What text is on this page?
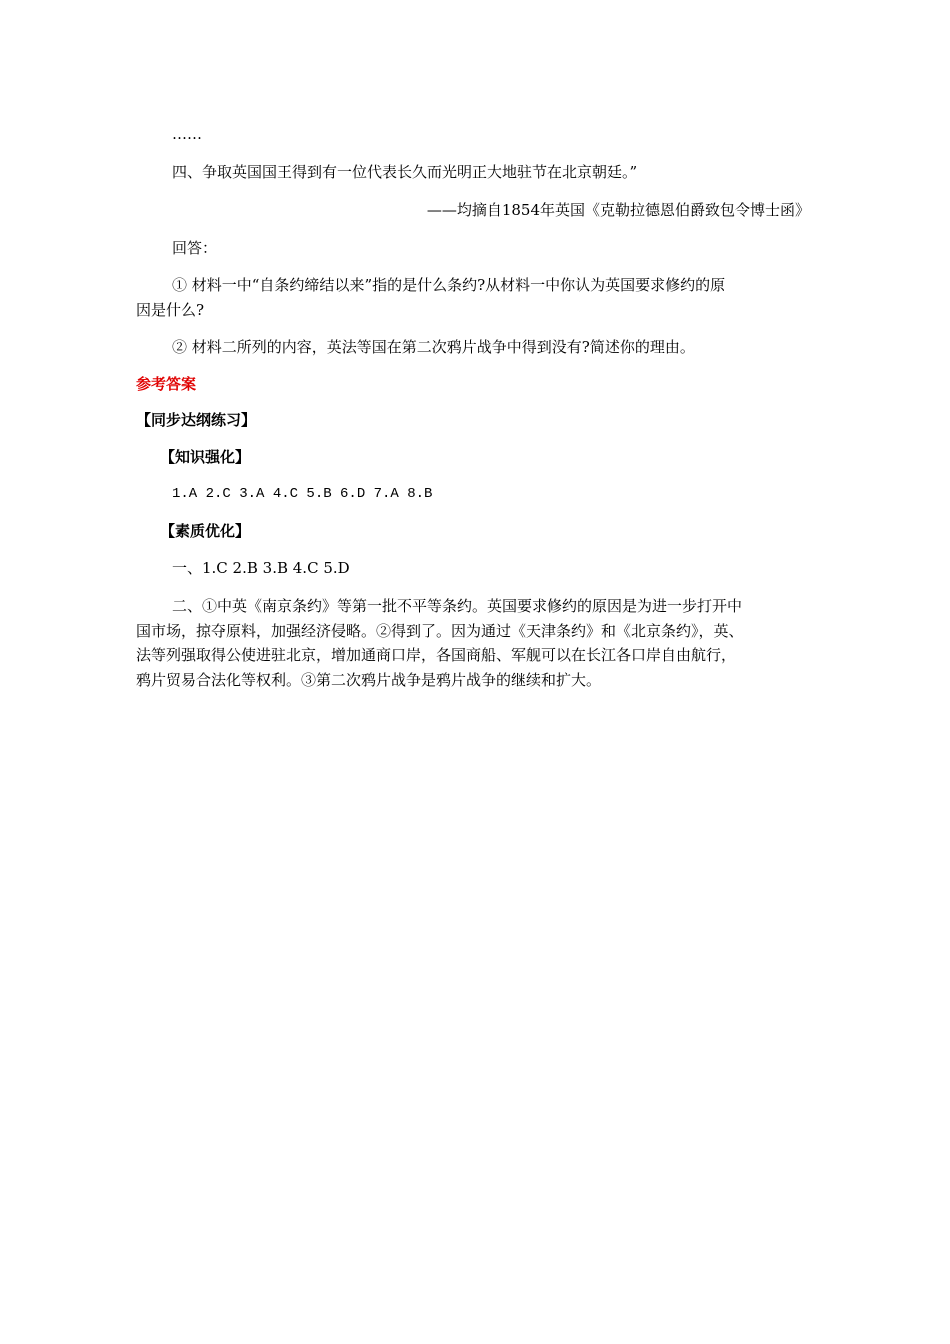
……
四、争取英国国王得到有一位代表长久而光明正大地驻节在北京朝廷。”
——均摘自1854年英国《克勒拉德恩伯爵致包令博士函》
回答：
① 材料一中“自条约缔结以来”指的是什么条约?从材料一中你认为英国要求修约的原
因是什么?
② 材料二所列的内容，英法等国在第二次鸦片战争中得到没有?简述你的理由。
参考答案
【同步达纲练习】
【知识强化】
1.A 2.C 3.A 4.C 5.B 6.D 7.A 8.B
【素质优化】
一、1.C 2.B 3.B 4.C 5.D
二、①中英《南京条约》等第一批不平等条约。英国要求修约的原因是为进一步打开中
国市场，掠夺原料，加强经济侵略。②得到了。因为通过《天津条约》和《北京条约》，英、
法等列强取得公使进驻北京，增加通商口岸，各国商船、军舰可以在长江各口岸自由航行，
鸦片贸易合法化等权利。③第二次鸦片战争是鸦片战争的继续和扩大。
